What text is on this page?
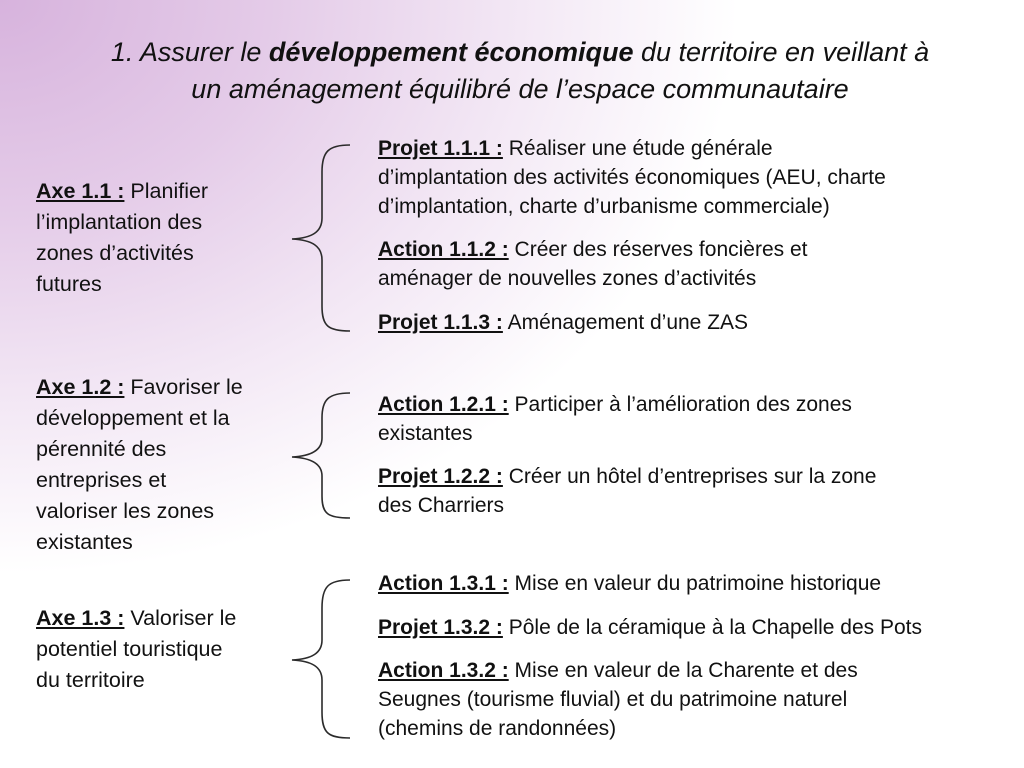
1. Assurer le développement économique du territoire en veillant à
un aménagement équilibré de l’espace communautaire
Axe 1.1 : Planifier
l’implantation des
zones d’activités
futures
Projet 1.1.1 : Réaliser une étude générale
d’implantation des activités économiques (AEU, charte
d’implantation, charte d’urbanisme commerciale)
Action 1.1.2 : Créer des réserves foncières et
aménager de nouvelles zones d’activités
Projet 1.1.3 : Aménagement d’une ZAS
Axe 1.2 : Favoriser le
développement et la
pérennité des
entreprises et
valoriser les zones
existantes
Action 1.2.1 : Participer à l’amélioration des zones
existantes
Projet 1.2.2 : Créer un hôtel d’entreprises sur la zone
des Charriers
Axe 1.3 : Valoriser le
potentiel touristique
du territoire
Action 1.3.1 : Mise en valeur du patrimoine historique
Projet 1.3.2 : Pôle de la céramique à la Chapelle des Pots
Action 1.3.2 : Mise en valeur de la Charente et des
Seugnes (tourisme fluvial) et du patrimoine naturel
(chemins de randonnées)
